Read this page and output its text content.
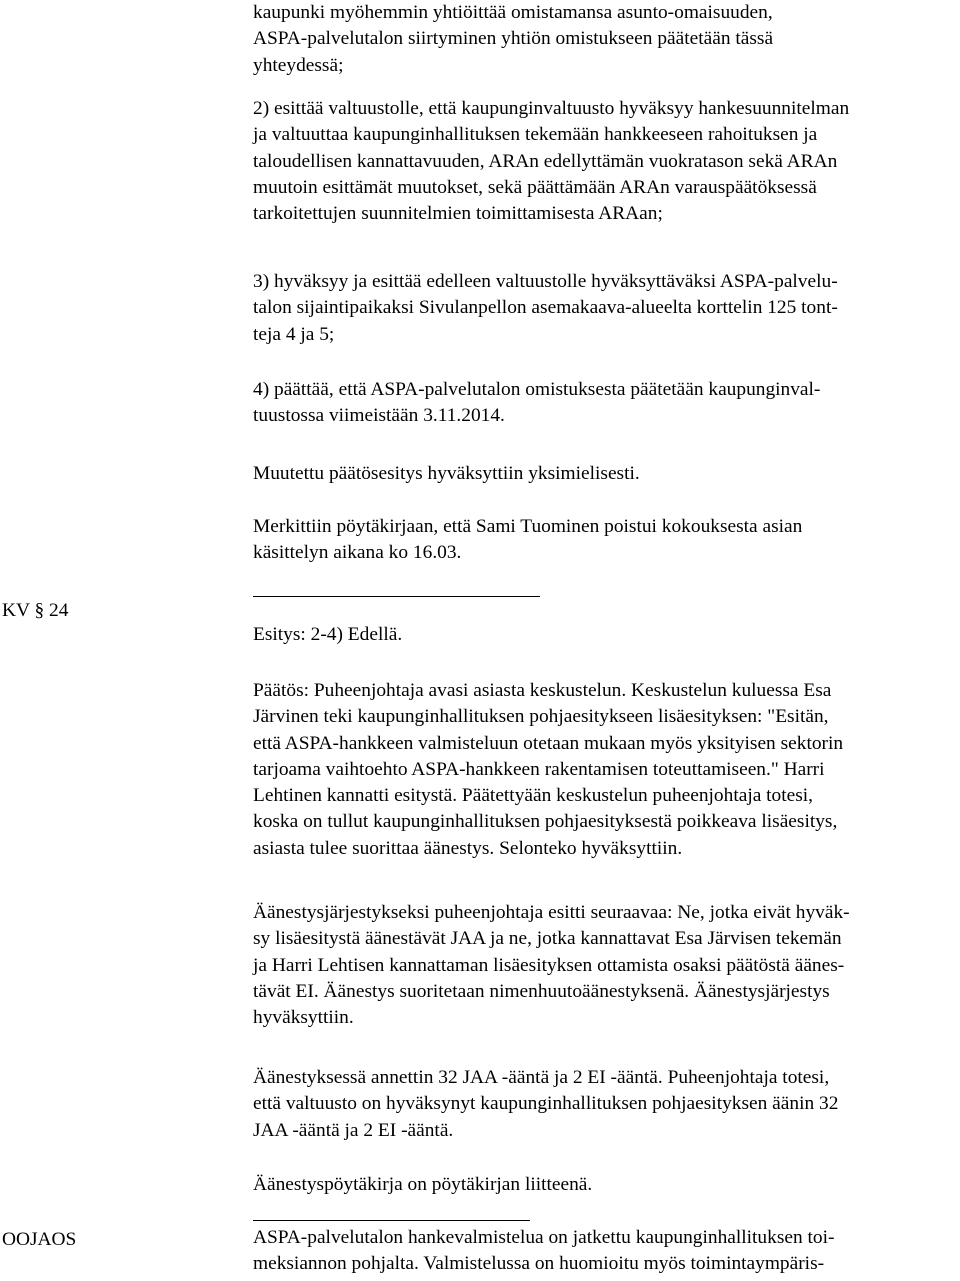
KV § 24
OOJAOS
kaupunki myöhemmin yhtiöittää omistamansa asunto-omaisuuden,
ASPA-palvelutalon siirtyminen yhtiön omistukseen päätetään tässä
yhteydessä;
2) esittää valtuustolle, että kaupunginvaltuusto hyväksyy hankesuunnitelman
ja valtuuttaa kaupunginhallituksen tekemään hankkeeseen rahoituksen ja
taloudellisen kannattavuuden, ARAn edellyttämän vuokratason sekä ARAn
muutoin esittämät muutokset, sekä päättämään ARAn varauspäätöksessä
tarkoitettujen suunnitelmien toimittamisesta ARAan;
3) hyväksyy ja esittää edelleen valtuustolle hyväksyttäväksi ASPA-palvelu-
talon sijaintipaikaksi Sivulanpellon asemakaava-alueelta korttelin 125 tont-
teja 4 ja 5;
4) päättää, että ASPA-palvelutalon omistuksesta päätetään kaupunginval-
tuustossa viimeistään 3.11.2014.
Muutettu päätösesitys hyväksyttiin yksimielisesti.
Merkittiin pöytäkirjaan, että Sami Tuominen poistui kokouksesta asian
käsittelyn aikana ko 16.03.
Esitys: 2-4) Edellä.
Päätös: Puheenjohtaja avasi asiasta keskustelun. Keskustelun kuluessa Esa
Järvinen teki kaupunginhallituksen pohjaesitykseen lisäesityksen: "Esitän,
että ASPA-hankkeen valmisteluun otetaan mukaan myös yksityisen sektorin
tarjoama vaihtoehto ASPA-hankkeen rakentamisen toteuttamiseen." Harri
Lehtinen kannatti esitystä. Päätettyään keskustelun puheenjohtaja totesi,
koska on tullut kaupunginhallituksen pohjaesityksestä poikkeava lisäesitys,
asiasta tulee suorittaa äänestys. Selonteko hyväksyttiin.
Äänestysjärjestykseksi puheenjohtaja esitti seuraavaa: Ne, jotka eivät hyväk-
sy lisäesitystä äänestävät JAA ja ne, jotka kannattavat Esa Järvisen tekemän
ja Harri Lehtisen kannattaman lisäesityksen ottamista osaksi päätöstä äänes-
tävät EI. Äänestys suoritetaan nimenhuutoäänestyksenä. Äänestysjärjestys
hyväksyttiin.
Äänestyksessä annettin 32 JAA -ääntä ja 2 EI -ääntä. Puheenjohtaja totesi,
että valtuusto on hyväksynyt kaupunginhallituksen pohjaesityksen äänin 32
JAA -ääntä ja 2 EI -ääntä.
Äänestyspöytäkirja on pöytäkirjan liitteenä.
ASPA-palvelutalon hankevalmistelua on jatkettu kaupunginhallituksen toi-
meksiannon pohjalta. Valmistelussa on huomioitu myös toimintaympäris-
